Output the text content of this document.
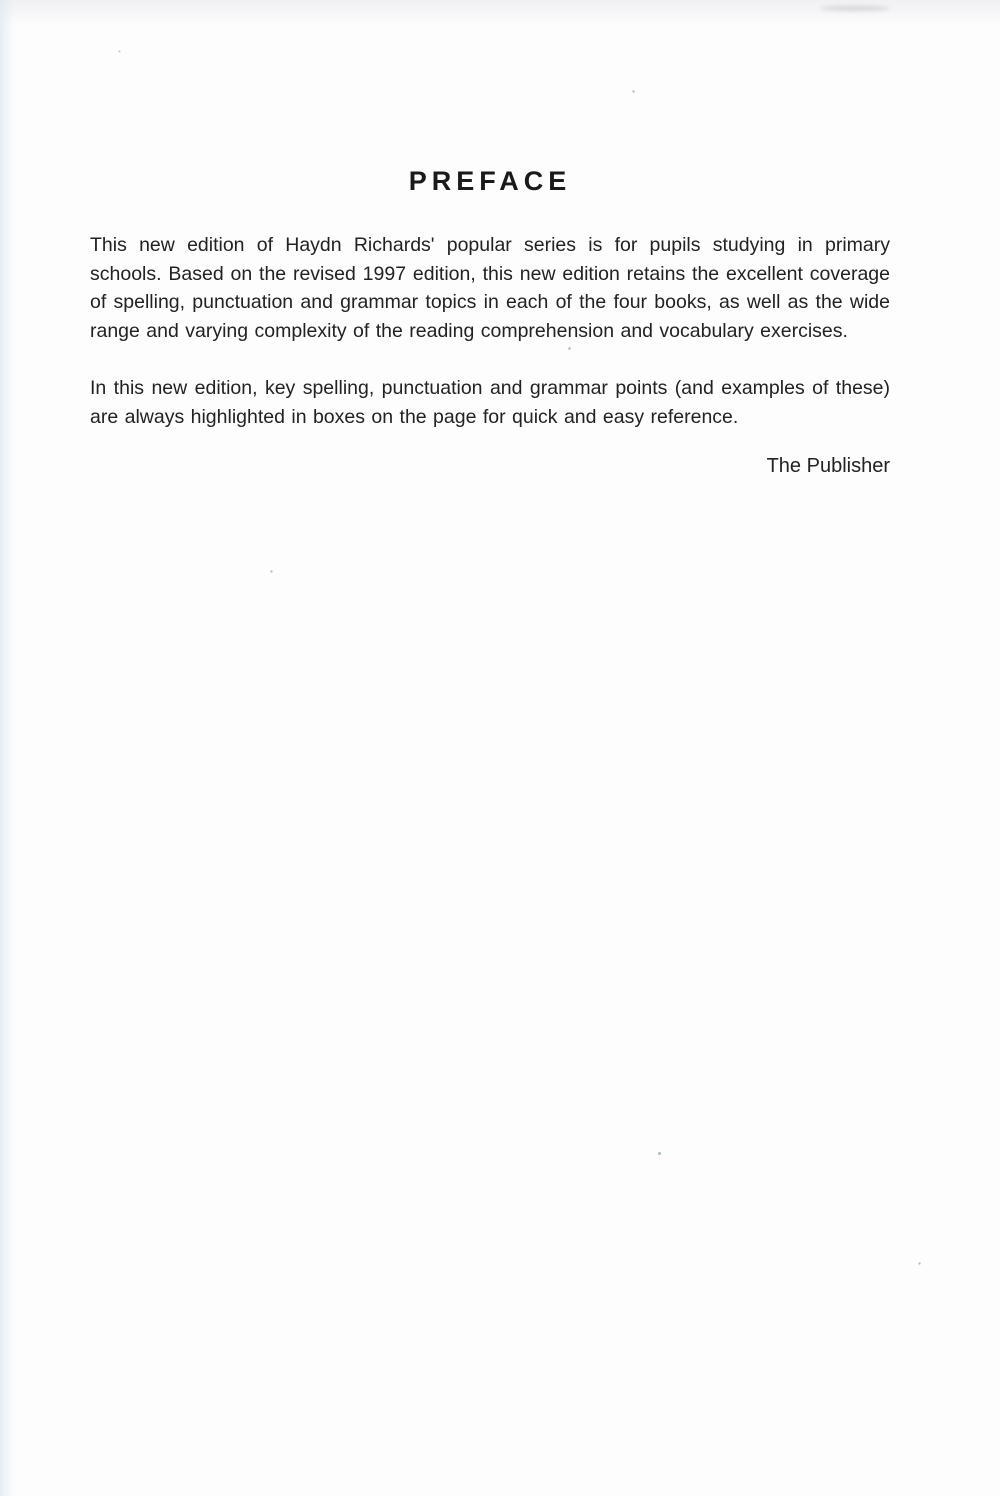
PREFACE

This new edition of Haydn Richards' popular series is for pupils studying in primary schools. Based on the revised 1997 edition, this new edition retains the excellent coverage of spelling, punctuation and grammar topics in each of the four books, as well as the wide range and varying complexity of the reading comprehension and vocabulary exercises.

In this new edition, key spelling, punctuation and grammar points (and examples of these) are always highlighted in boxes on the page for quick and easy reference.

The Publisher
